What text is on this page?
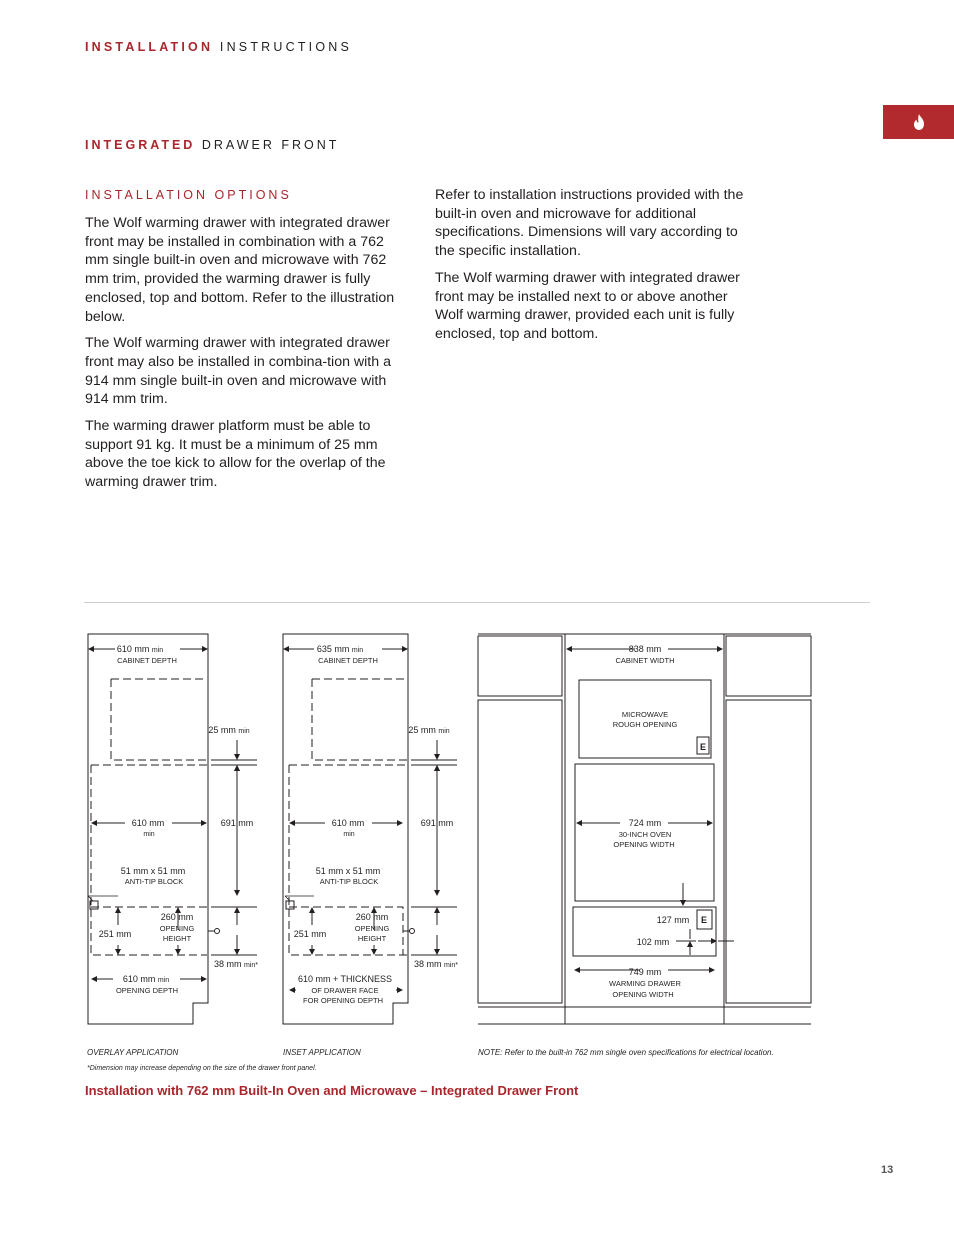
INSTALLATION INSTRUCTIONS
INTEGRATED DRAWER FRONT
INSTALLATION OPTIONS

The Wolf warming drawer with integrated drawer front may be installed in combination with a 762 mm single built-in oven and microwave with 762 mm trim, provided the warming drawer is fully enclosed, top and bottom. Refer to the illustration below.

The Wolf warming drawer with integrated drawer front may also be installed in combina-tion with a 914 mm single built-in oven and microwave with 914 mm trim.

The warming drawer platform must be able to support 91 kg. It must be a minimum of 25 mm above the toe kick to allow for the overlap of the warming drawer trim.

Refer to installation instructions provided with the built-in oven and microwave for additional specifications. Dimensions will vary according to the specific installation.

The Wolf warming drawer with integrated drawer front may be installed next to or above another Wolf warming drawer, provided each unit is fully enclosed, top and bottom.

610 mm min
CABINET DEPTH
25 mm min
610 mm
min
691 mm
51 mm x 51 mm
ANTI-TIP BLOCK
260 mm
OPENING
HEIGHT
251 mm
38 mm min*
610 mm min
OPENING DEPTH
635 mm min
CABINET DEPTH
25 mm min
610 mm
min
691 mm
51 mm x 51 mm
ANTI-TIP BLOCK
260 mm
OPENING
HEIGHT
251 mm
38 mm min*
610 mm + THICKNESS
OF DRAWER FACE
FOR OPENING DEPTH
838 mm
CABINET WIDTH
MICROWAVE
ROUGH OPENING
E
724 mm
30-INCH OVEN
OPENING WIDTH
127 mm E
102 mm
749 mm
WARMING DRAWER
OPENING WIDTH
OVERLAY APPLICATION	INSET APPLICATION	NOTE: Refer to the built-in 762 mm single oven specifications for electrical location.
*Dimension may increase depending on the size of the drawer front panel.
Installation with 762 mm Built-In Oven and Microwave – Integrated Drawer Front
13
